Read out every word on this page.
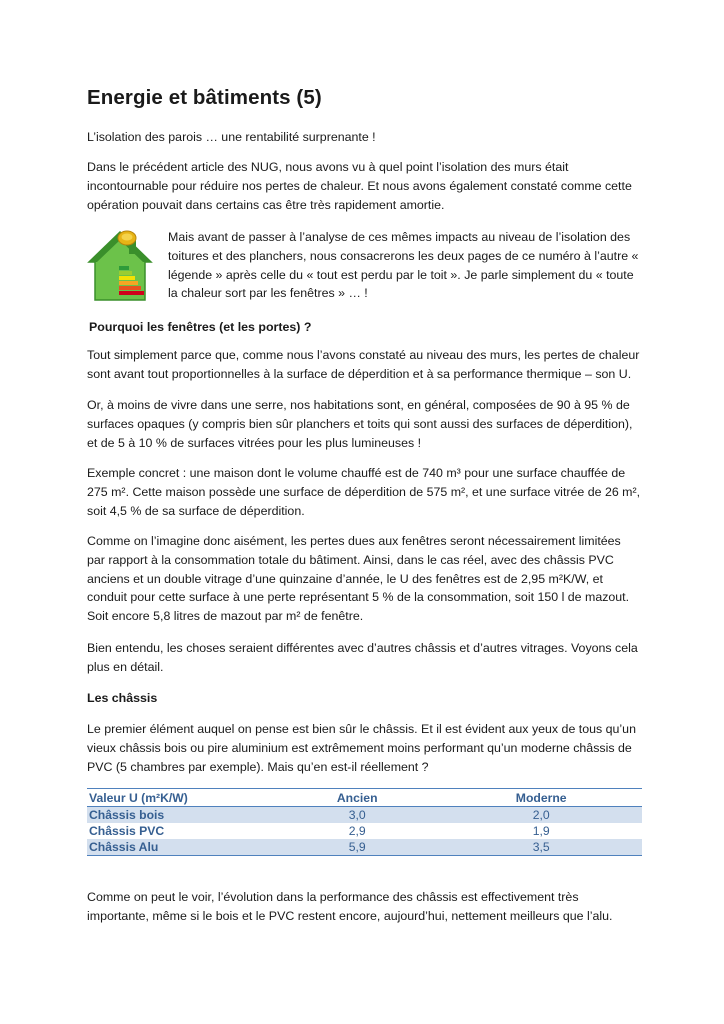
Energie et bâtiments (5)

L’isolation des parois … une rentabilité surprenante !

Dans le précédent article des NUG, nous avons vu à quel point l’isolation des murs était incontournable pour réduire nos pertes de chaleur. Et nous avons également constaté comme cette opération pouvait dans certains cas être très rapidement amortie.

Mais avant de passer à l’analyse de ces mêmes impacts au niveau de l’isolation des toitures et des planchers, nous consacrerons les deux pages de ce numéro à l’autre « légende » après celle du « tout est perdu par le toit ». Je parle simplement du « toute la chaleur sort par les fenêtres » … !

Pourquoi les fenêtres (et les portes) ?

Tout simplement parce que, comme nous l’avons constaté au niveau des murs, les pertes de chaleur sont avant tout proportionnelles à la surface de déperdition et à sa performance thermique – son U.

Or, à moins de vivre dans une serre, nos habitations sont, en général, composées de 90 à 95 % de surfaces opaques (y compris bien sûr planchers et toits qui sont aussi des surfaces de déperdition), et de 5 à 10 % de surfaces vitrées pour les plus lumineuses !

Exemple concret : une maison dont le volume chauffé est de 740 m³ pour une surface chauffée de 275 m². Cette maison possède une surface de déperdition de 575 m², et une surface vitrée de 26 m², soit 4,5 % de sa surface de déperdition.

Comme on l’imagine donc aisément, les pertes dues aux fenêtres seront nécessairement limitées par rapport à la consommation totale du bâtiment. Ainsi, dans le cas réel, avec des châssis PVC anciens et un double vitrage d’une quinzaine d’année, le U des fenêtres est de 2,95 m²K/W, et conduit pour cette surface à une perte représentant 5 % de la consommation, soit 150 l de mazout. Soit encore 5,8 litres de mazout par m² de fenêtre.

Bien entendu, les choses seraient différentes avec d’autres châssis et d’autres vitrages. Voyons cela plus en détail.

Les châssis

Le premier élément auquel on pense est bien sûr le châssis. Et il est évident aux yeux de tous qu’un vieux châssis bois ou pire aluminium est extrêmement moins performant qu’un moderne châssis de PVC (5 chambres par exemple). Mais qu’en est-il réellement ?

Valeur U (m²K/W)	Ancien	Moderne
Châssis bois	3,0	2,0
Châssis PVC	2,9	1,9
Châssis Alu	5,9	3,5

Comme on peut le voir, l’évolution dans la performance des châssis est effectivement très importante, même si le bois et le PVC restent encore, aujourd’hui, nettement meilleurs que l’alu.
